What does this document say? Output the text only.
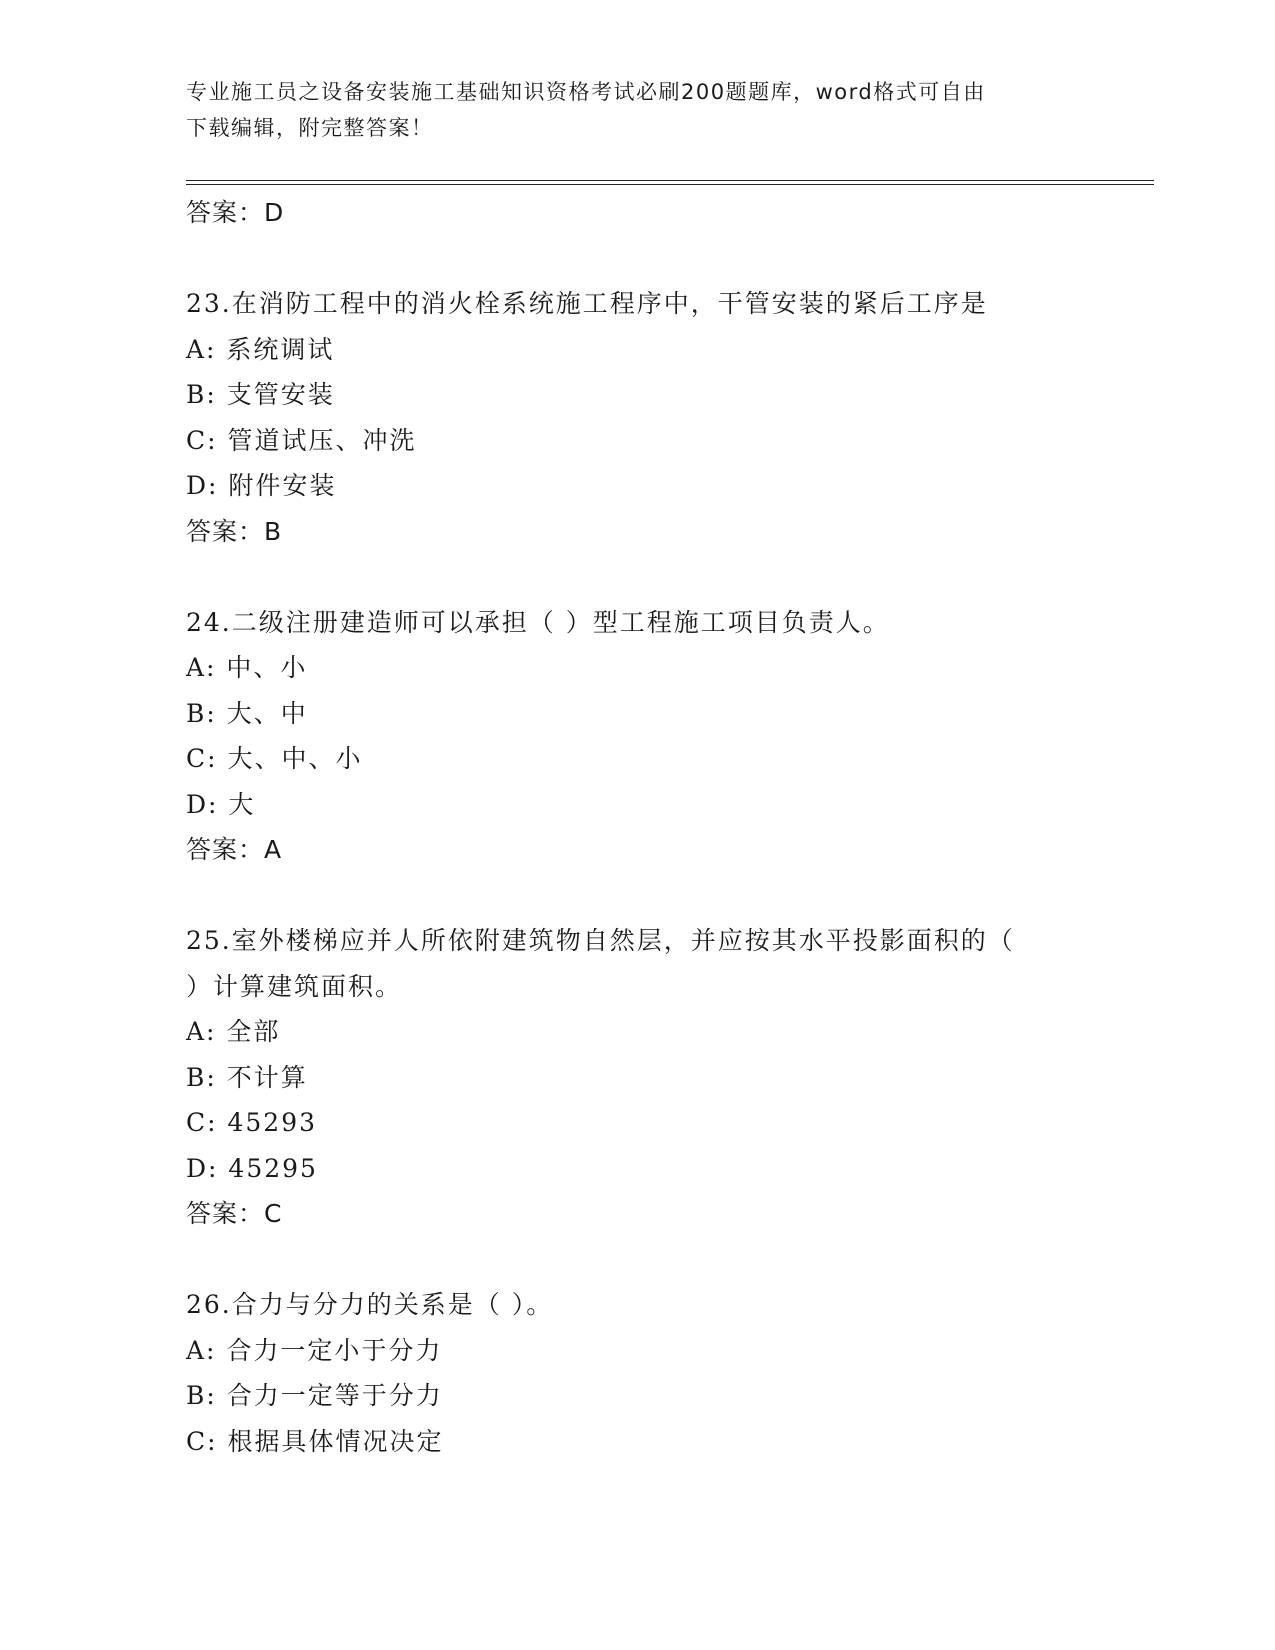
专业施工员之设备安装施工基础知识资格考试必刷200题题库，word格式可自由
下载编辑，附完整答案！
答案：D
23.在消防工程中的消火栓系统施工程序中，干管安装的紧后工序是
A: 系统调试
B: 支管安装
C: 管道试压、冲洗
D: 附件安装
答案：B
24.二级注册建造师可以承担（ ）型工程施工项目负责人。
A: 中、小
B: 大、中
C: 大、中、小
D: 大
答案：A
25.室外楼梯应并人所依附建筑物自然层，并应按其水平投影面积的（
）计算建筑面积。
A: 全部
B: 不计算
C: 45293
D: 45295
答案：C
26.合力与分力的关系是（ ）。
A: 合力一定小于分力
B: 合力一定等于分力
C: 根据具体情况决定
